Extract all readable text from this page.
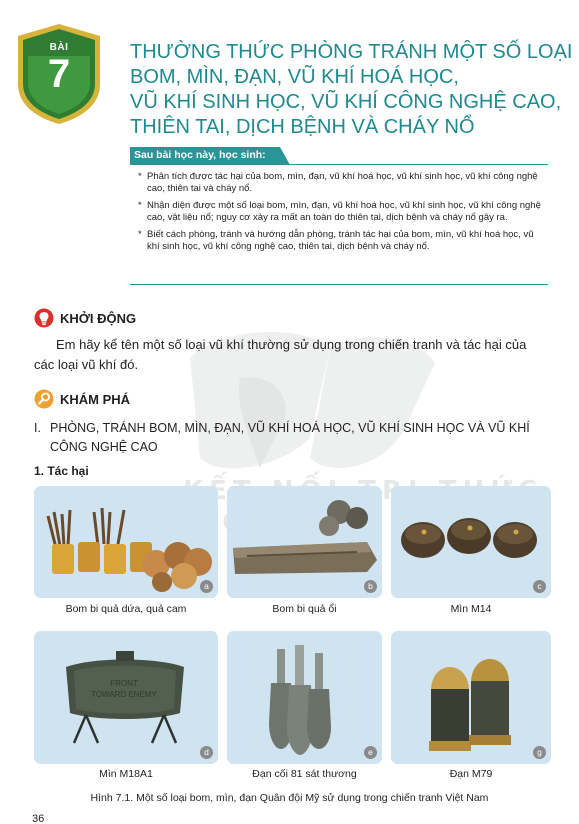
KẾT
BÀI
7	THƯỜNG THỨC PHÒNG TRÁNH MỘT SỐ LOẠI
BOM, MÌN, ĐẠN, VŨ KHÍ HOÁ HỌC,
VŨ KHÍ SINH HỌC, VŨ KHÍ CÔNG NGHỆ CAO,
THIÊN TAI, DỊCH BỆNH VÀ CHÁY NỔ
Sau bài học này, học sinh:
* Phân tích được tác hại của bom, mìn, đạn, vũ khí hoá học, vũ khí sinh học, vũ khí công nghệ cao, thiên tai và cháy nổ.
* Nhận diện được một số loại bom, mìn, đạn, vũ khí hoá học, vũ khí sinh học, vũ khí công nghệ cao, vật liệu nổ; nguy cơ xảy ra mất an toàn do thiên tai, dịch bệnh và cháy nổ gây ra.
* Biết cách phòng, tránh và hướng dẫn phòng, tránh tác hại của bom, mìn, vũ khí hoá học, vũ khí sinh học, vũ khí công nghệ cao, thiên tai, dịch bệnh và cháy nổ.
KHỞI ĐỘNG
Em hãy kể tên một số loại vũ khí thường sử dụng trong chiến tranh và tác hại của
các loại vũ khí đó.
KHÁM PHÁ
I. PHÒNG, TRÁNH BOM, MÌN, ĐẠN, VŨ KHÍ HOÁ HỌC, VŨ KHÍ SINH HỌC VÀ VŨ KHÍ
CÔNG NGHỆ CAO
1. Tác hại
a
Bom bi quả dứa, quả cam
b
Bom bi quả ổi
c
Mìn M14
FRONT
TOWARD ENEMY
d
Mìn M18A1
e
Đạn cối 81 sát thương
g
Đạn M79
Hình 7.1. Một số loại bom, mìn, đạn Quân đội Mỹ sử dụng trong chiến tranh Việt Nam
36
